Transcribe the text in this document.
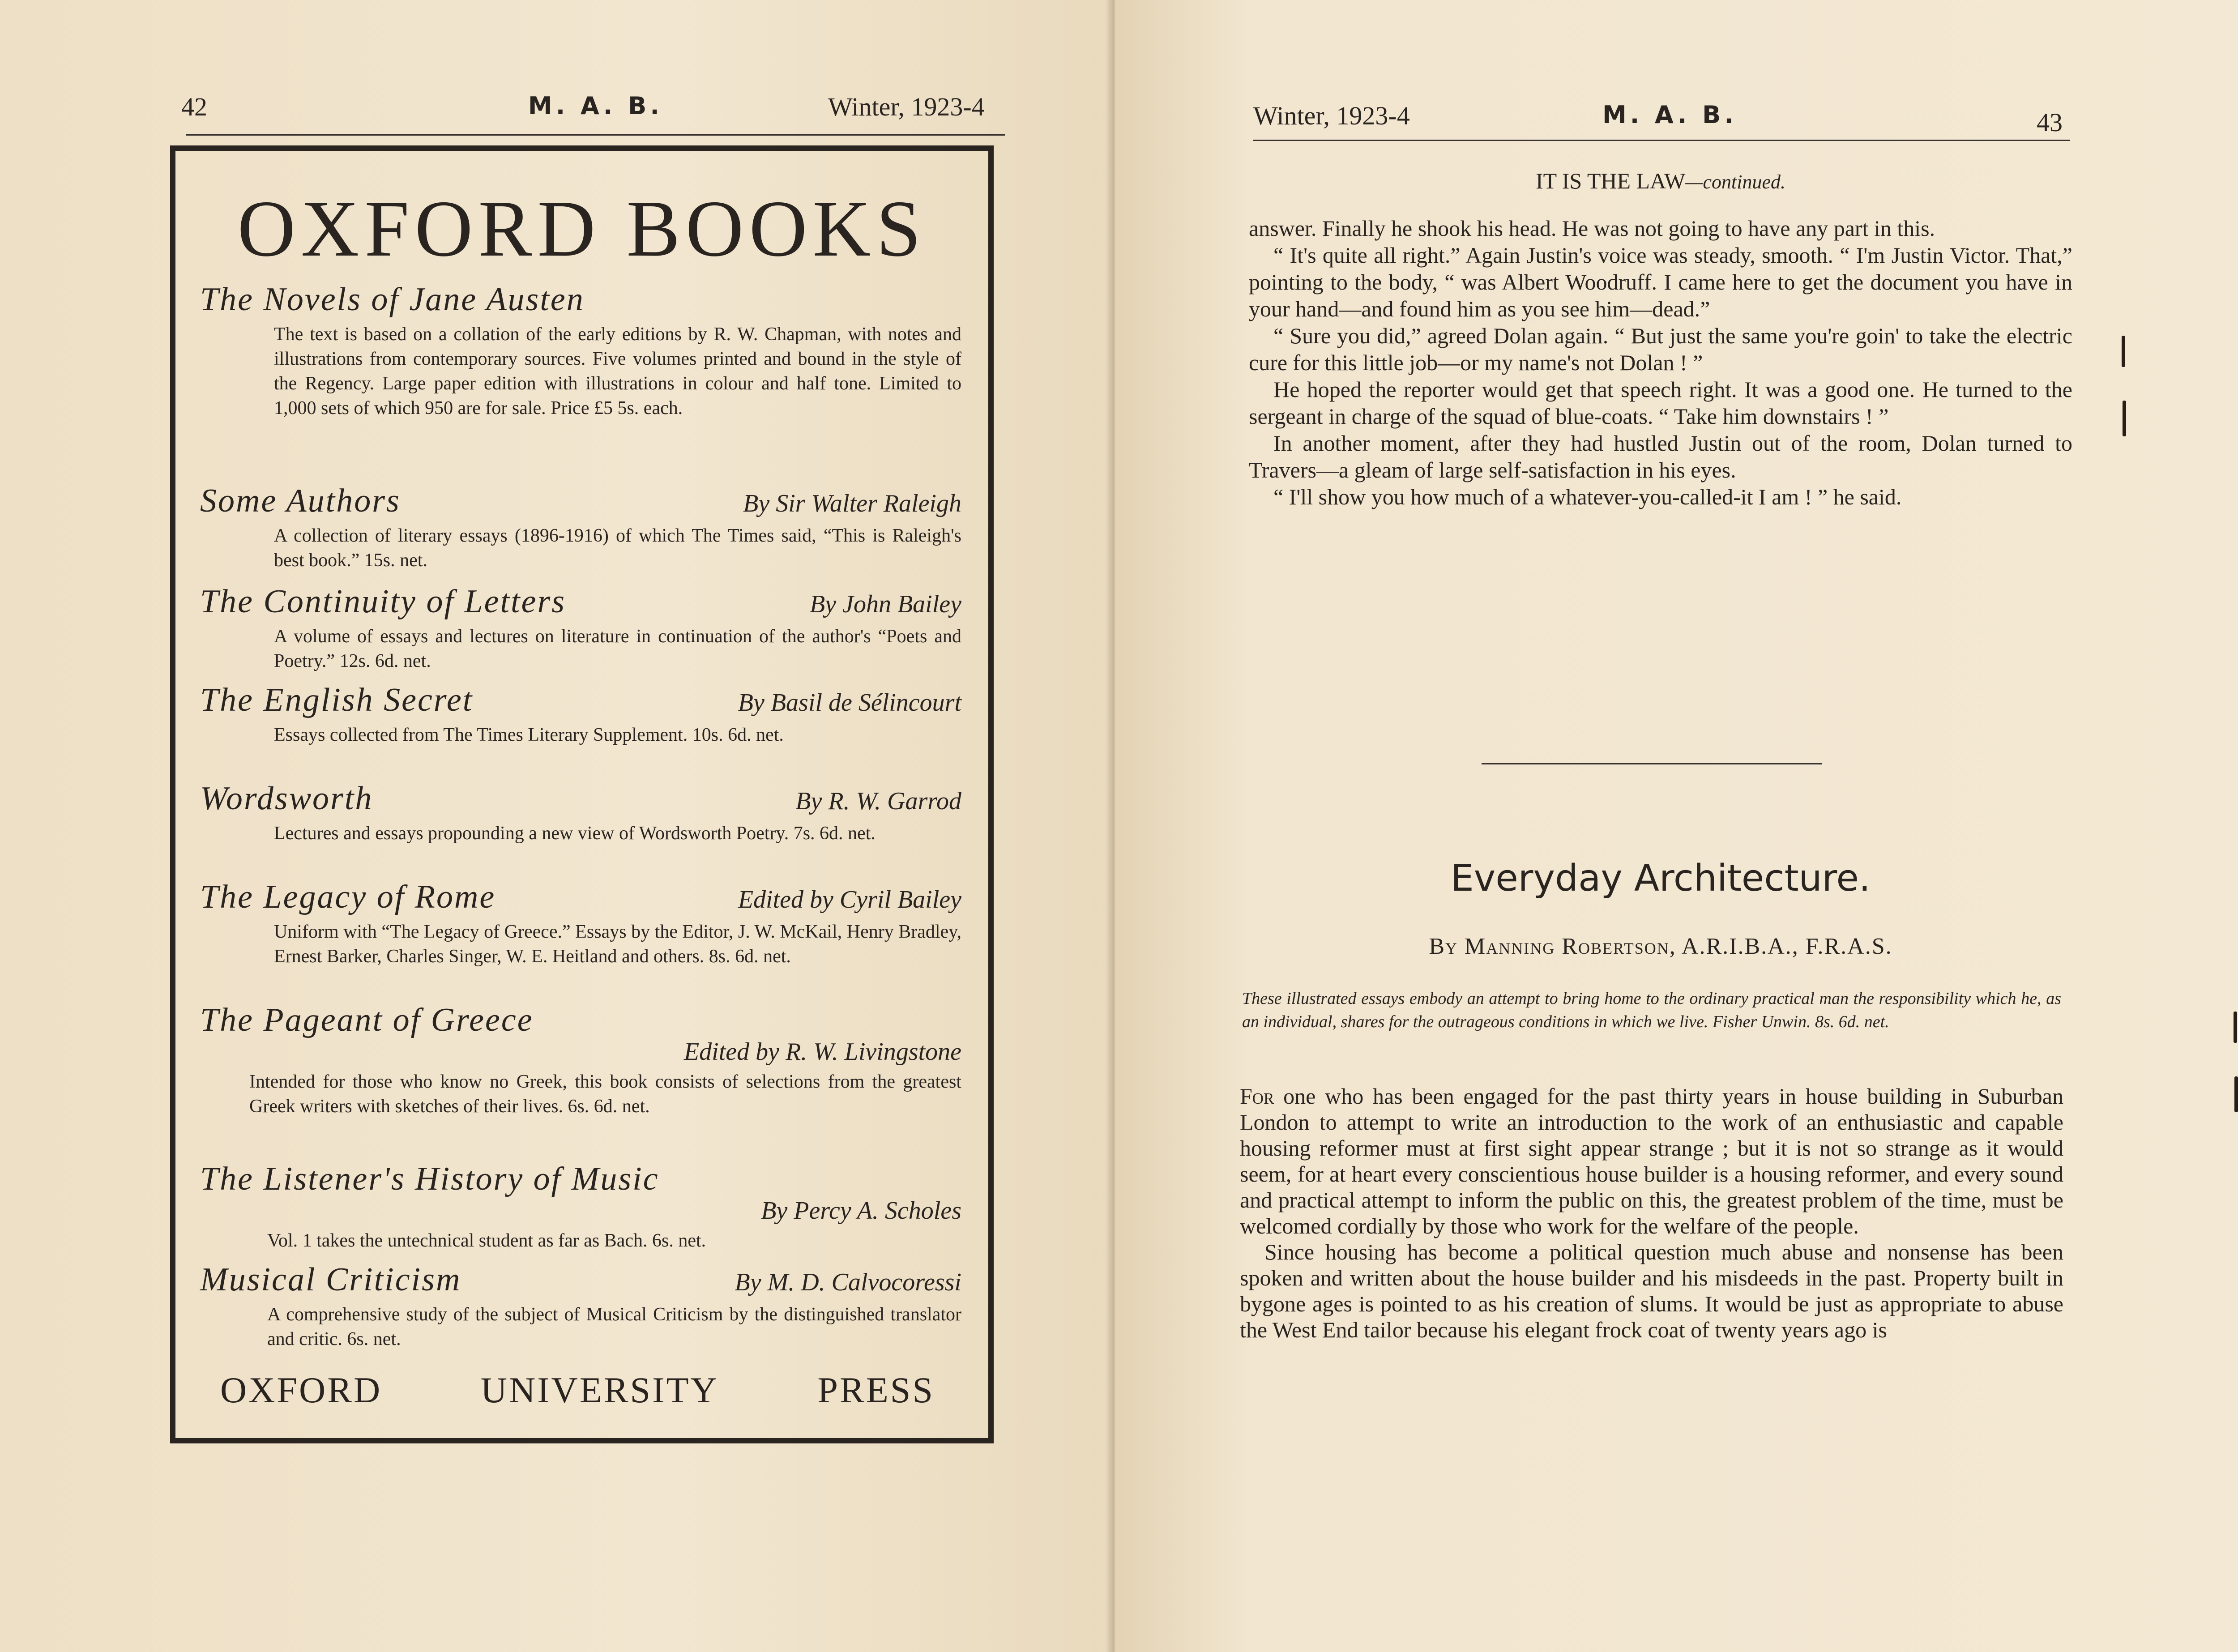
42	M. A. B.	Winter, 1923-4
OXFORD BOOKS
The Novels of Jane Austen
The text is based on a collation of the early editions by R. W. Chapman, with notes and illustrations from contemporary sources. Five volumes printed and bound in the style of the Regency. Large paper edition with illustrations in colour and half tone. Limited to 1,000 sets of which 950 are for sale. Price £5 5s. each.
Some Authors	By Sir Walter Raleigh
A collection of literary essays (1896-1916) of which The Times said, “This is Raleigh's best book.” 15s. net.
The Continuity of Letters	By John Bailey
A volume of essays and lectures on literature in continuation of the author's “Poets and Poetry.” 12s. 6d. net.
The English Secret	By Basil de Sélincourt
Essays collected from The Times Literary Supplement. 10s. 6d. net.
Wordsworth	By R. W. Garrod
Lectures and essays propounding a new view of Wordsworth Poetry. 7s. 6d. net.
The Legacy of Rome	Edited by Cyril Bailey
Uniform with “The Legacy of Greece.” Essays by the Editor, J. W. McKail, Henry Bradley, Ernest Barker, Charles Singer, W. E. Heitland and others. 8s. 6d. net.
The Pageant of Greece
Edited by R. W. Livingstone
Intended for those who know no Greek, this book consists of selections from the greatest Greek writers with sketches of their lives. 6s. 6d. net.
The Listener's History of Music
By Percy A. Scholes
Vol. 1 takes the untechnical student as far as Bach. 6s. net.
Musical Criticism	By M. D. Calvocoressi
A comprehensive study of the subject of Musical Criticism by the distinguished translator and critic. 6s. net.
OXFORD	UNIVERSITY	PRESS
Winter, 1923-4	M. A. B.	43
IT IS THE LAW—continued.
answer. Finally he shook his head. He was not going to have any part in this.
“ It's quite all right.” Again Justin's voice was steady, smooth. “ I'm Justin Victor. That,” pointing to the body, “ was Albert Woodruff. I came here to get the document you have in your hand—and found him as you see him—dead.”
“ Sure you did,” agreed Dolan again. “ But just the same you're goin' to take the electric cure for this little job—or my name's not Dolan ! ”
He hoped the reporter would get that speech right. It was a good one. He turned to the sergeant in charge of the squad of blue-coats. “ Take him downstairs ! ”
In another moment, after they had hustled Justin out of the room, Dolan turned to Travers—a gleam of large self-satisfaction in his eyes.
“ I'll show you how much of a whatever-you-called-it I am ! ” he said.
Everyday Architecture.
By Manning Robertson, A.R.I.B.A., F.R.A.S.
These illustrated essays embody an attempt to bring home to the ordinary practical man the responsibility which he, as an individual, shares for the outrageous conditions in which we live. Fisher Unwin. 8s. 6d. net.
For one who has been engaged for the past thirty years in house building in Suburban London to attempt to write an introduction to the work of an enthusiastic and capable housing reformer must at first sight appear strange ; but it is not so strange as it would seem, for at heart every conscientious house builder is a housing reformer, and every sound and practical attempt to inform the public on this, the greatest problem of the time, must be welcomed cordially by those who work for the welfare of the people.
Since housing has become a political question much abuse and nonsense has been spoken and written about the house builder and his misdeeds in the past. Property built in bygone ages is pointed to as his creation of slums. It would be just as appropriate to abuse the West End tailor because his elegant frock coat of twenty years ago is
